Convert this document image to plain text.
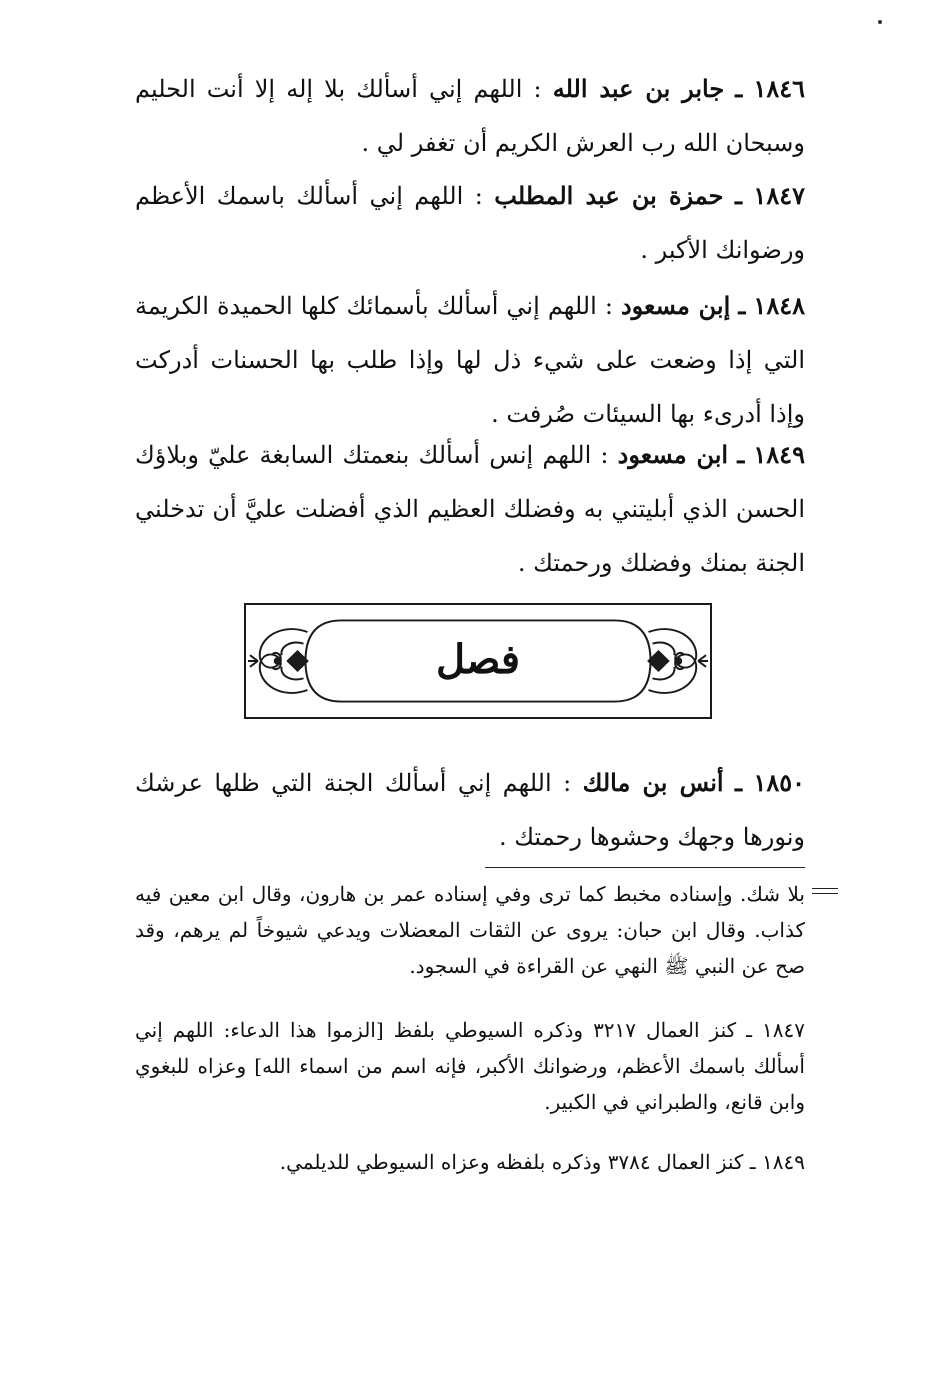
١٨٤٦ ـ جابر بن عبد الله : اللهم إني أسألك بلا إله إلا أنت الحليم وسبحان الله رب العرش الكريم أن تغفر لي .
١٨٤٧ ـ حمزة بن عبد المطلب : اللهم إني أسألك باسمك الأعظم ورضوانك الأكبر .
١٨٤٨ ـ إبن مسعود : اللهم إني أسألك بأسمائك كلها الحميدة الكريمة التي إذا وضعت على شيء ذل لها وإذا طلب بها الحسنات أدركت وإذا أدرىء بها السيئات صُرفت .
١٨٤٩ ـ ابن مسعود : اللهم إنس أسألك بنعمتك السابغة عليّ وبلاؤك الحسن الذي أبليتني به وفضلك العظيم الذي أفضلت عليَّ أن تدخلني الجنة بمنك وفضلك ورحمتك .
فصل
١٨٥٠ ـ أنس بن مالك : اللهم إني أسألك الجنة التي ظلها عرشك ونورها وجهك وحشوها رحمتك .
بلا شك. وإسناده مخبط كما ترى وفي إسناده عمر بن هارون، وقال ابن معين فيه كذاب. وقال ابن حبان: يروى عن الثقات المعضلات ويدعي شيوخاً لم يرهم، وقد صح عن النبي ﷺ النهي عن القراءة في السجود.
١٨٤٧ ـ كنز العمال ٣٢١٧ وذكره السيوطي بلفظ [الزموا هذا الدعاء: اللهم إني أسألك باسمك الأعظم، ورضوانك الأكبر، فإنه اسم من اسماء الله] وعزاه للبغوي وابن قانع، والطبراني في الكبير.
١٨٤٩ ـ كنز العمال ٣٧٨٤ وذكره بلفظه وعزاه السيوطي للديلمي.
